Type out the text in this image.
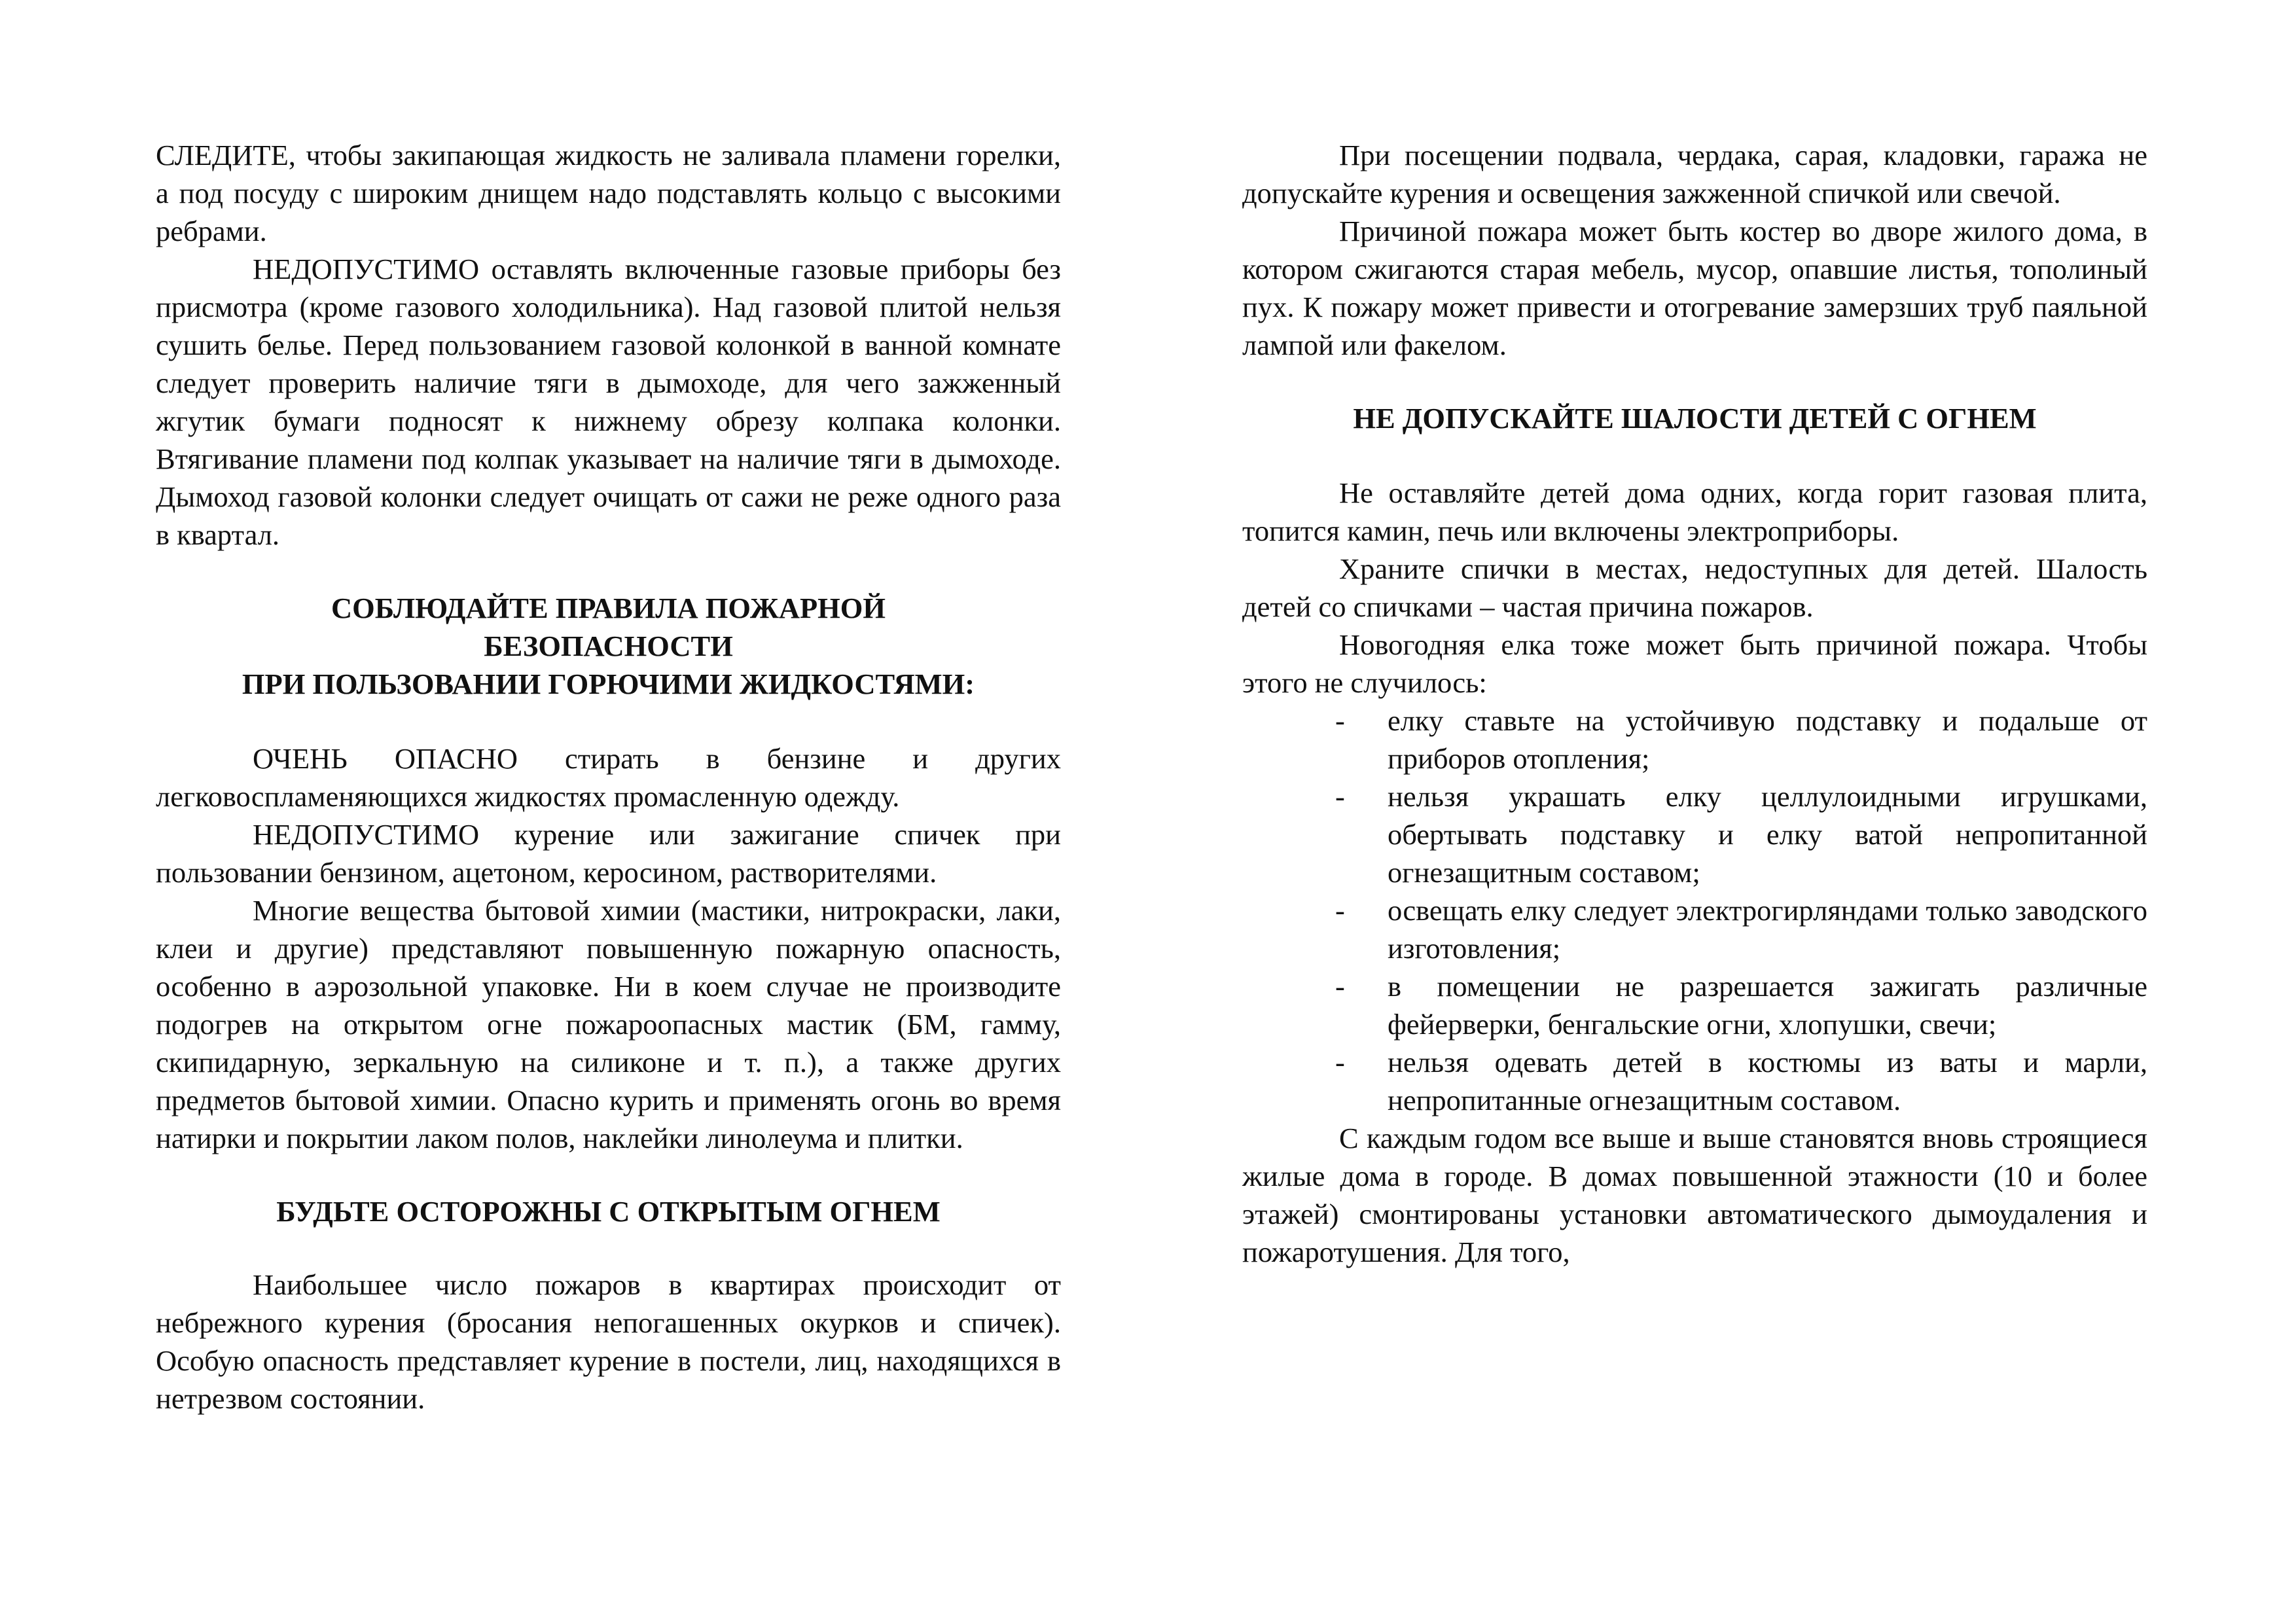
СЛЕДИТЕ, чтобы закипающая жидкость не заливала пламени горелки, а под посуду с широким днищем надо подставлять кольцо с высокими ребрами.

НЕДОПУСТИМО оставлять включенные газовые приборы без присмотра (кроме газового холодильника). Над газовой плитой нельзя сушить белье. Перед пользованием газовой колонкой в ванной комнате следует проверить наличие тяги в дымоходе, для чего зажженный жгутик бумаги подносят к нижнему обрезу колпака колонки. Втягивание пламени под колпак указывает на наличие тяги в дымоходе. Дымоход газовой колонки следует очищать от сажи не реже одного раза в квартал.

СОБЛЮДАЙТЕ ПРАВИЛА ПОЖАРНОЙ
БЕЗОПАСНОСТИ
ПРИ ПОЛЬЗОВАНИИ ГОРЮЧИМИ ЖИДКОСТЯМИ:

ОЧЕНЬ ОПАСНО стирать в бензине и других легковоспламеняющихся жидкостях промасленную одежду.

НЕДОПУСТИМО курение или зажигание спичек при пользовании бензином, ацетоном, керосином, растворителями.

Многие вещества бытовой химии (мастики, нитрокраски, лаки, клеи и другие) представляют повышенную пожарную опасность, особенно в аэрозольной упаковке. Ни в коем случае не производите подогрев на открытом огне пожароопасных мастик (БМ, гамму, скипидарную, зеркальную на силиконе и т. п.), а также других предметов бытовой химии. Опасно курить и применять огонь во время натирки и покрытии лаком полов, наклейки линолеума и плитки.

БУДЬТЕ ОСТОРОЖНЫ С ОТКРЫТЫМ ОГНЕМ

Наибольшее число пожаров в квартирах происходит от небрежного курения (бросания непогашенных окурков и спичек). Особую опасность представляет курение в постели, лиц, находящихся в нетрезвом состоянии.

При посещении подвала, чердака, сарая, кладовки, гаража не допускайте курения и освещения зажженной спичкой или свечой.

Причиной пожара может быть костер во дворе жилого дома, в котором сжигаются старая мебель, мусор, опавшие листья, тополиный пух. К пожару может привести и отогревание замерзших труб паяльной лампой или факелом.

НЕ ДОПУСКАЙТЕ ШАЛОСТИ ДЕТЕЙ С ОГНЕМ

Не оставляйте детей дома одних, когда горит газовая плита, топится камин, печь или включены электроприборы.

Храните спички в местах, недоступных для детей. Шалость детей со спичками – частая причина пожаров.

Новогодняя елка тоже может быть причиной пожара. Чтобы этого не случилось:

- елку ставьте на устойчивую подставку и подальше от приборов отопления;
- нельзя украшать елку целлулоидными игрушками, обертывать подставку и елку ватой непропитанной огнезащитным составом;
- освещать елку следует электрогирляндами только заводского изготовления;
- в помещении не разрешается зажигать различные фейерверки, бенгальские огни, хлопушки, свечи;
- нельзя одевать детей в костюмы из ваты и марли, непропитанные огнезащитным составом.

С каждым годом все выше и выше становятся вновь строящиеся жилые дома в городе. В домах повышенной этажности (10 и более этажей) смонтированы установки автоматического дымоудаления и пожаротушения. Для того,
